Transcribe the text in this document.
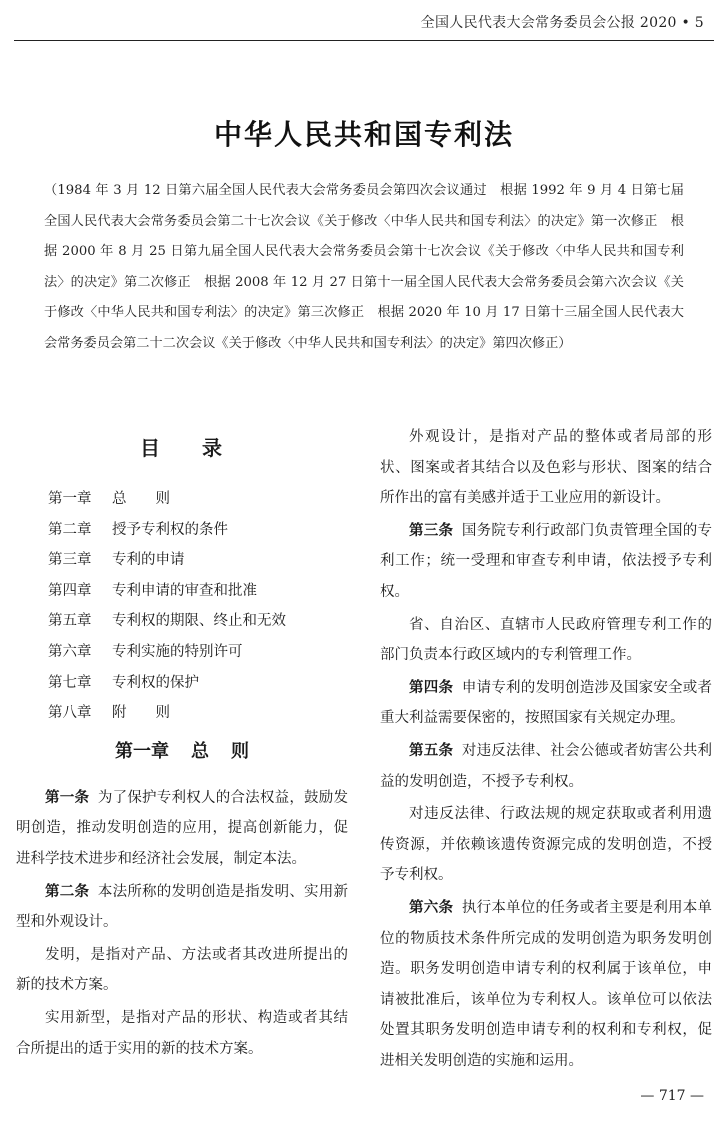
全国人民代表大会常务委员会公报 2020 • 5
中华人民共和国专利法
（1984 年 3 月 12 日第六届全国人民代表大会常务委员会第四次会议通过　根据 1992 年 9 月 4 日第七届全国人民代表大会常务委员会第二十七次会议《关于修改〈中华人民共和国专利法〉的决定》第一次修正　根据 2000 年 8 月 25 日第九届全国人民代表大会常务委员会第十七次会议《关于修改〈中华人民共和国专利法〉的决定》第二次修正　根据 2008 年 12 月 27 日第十一届全国人民代表大会常务委员会第六次会议《关于修改〈中华人民共和国专利法〉的决定》第三次修正　根据 2020 年 10 月 17 日第十三届全国人民代表大会常务委员会第二十二次会议《关于修改〈中华人民共和国专利法〉的决定》第四次修正）
目 录
第一章 总　　则
第二章 授予专利权的条件
第三章 专利的申请
第四章 专利申请的审查和批准
第五章 专利权的期限、终止和无效
第六章 专利实施的特别许可
第七章 专利权的保护
第八章 附　　则
第一章 总 则

第一条 为了保护专利权人的合法权益，鼓励发明创造，推动发明创造的应用，提高创新能力，促进科学技术进步和经济社会发展，制定本法。

第二条 本法所称的发明创造是指发明、实用新型和外观设计。

发明，是指对产品、方法或者其改进所提出的新的技术方案。

实用新型，是指对产品的形状、构造或者其结合所提出的适于实用的新的技术方案。

外观设计，是指对产品的整体或者局部的形状、图案或者其结合以及色彩与形状、图案的结合所作出的富有美感并适于工业应用的新设计。

第三条 国务院专利行政部门负责管理全国的专利工作；统一受理和审查专利申请，依法授予专利权。

省、自治区、直辖市人民政府管理专利工作的部门负责本行政区域内的专利管理工作。

第四条 申请专利的发明创造涉及国家安全或者重大利益需要保密的，按照国家有关规定办理。

第五条 对违反法律、社会公德或者妨害公共利益的发明创造，不授予专利权。

对违反法律、行政法规的规定获取或者利用遗传资源，并依赖该遗传资源完成的发明创造，不授予专利权。

第六条 执行本单位的任务或者主要是利用本单位的物质技术条件所完成的发明创造为职务发明创造。职务发明创造申请专利的权利属于该单位，申请被批准后，该单位为专利权人。该单位可以依法处置其职务发明创造申请专利的权利和专利权，促进相关发明创造的实施和运用。

— 717 —
